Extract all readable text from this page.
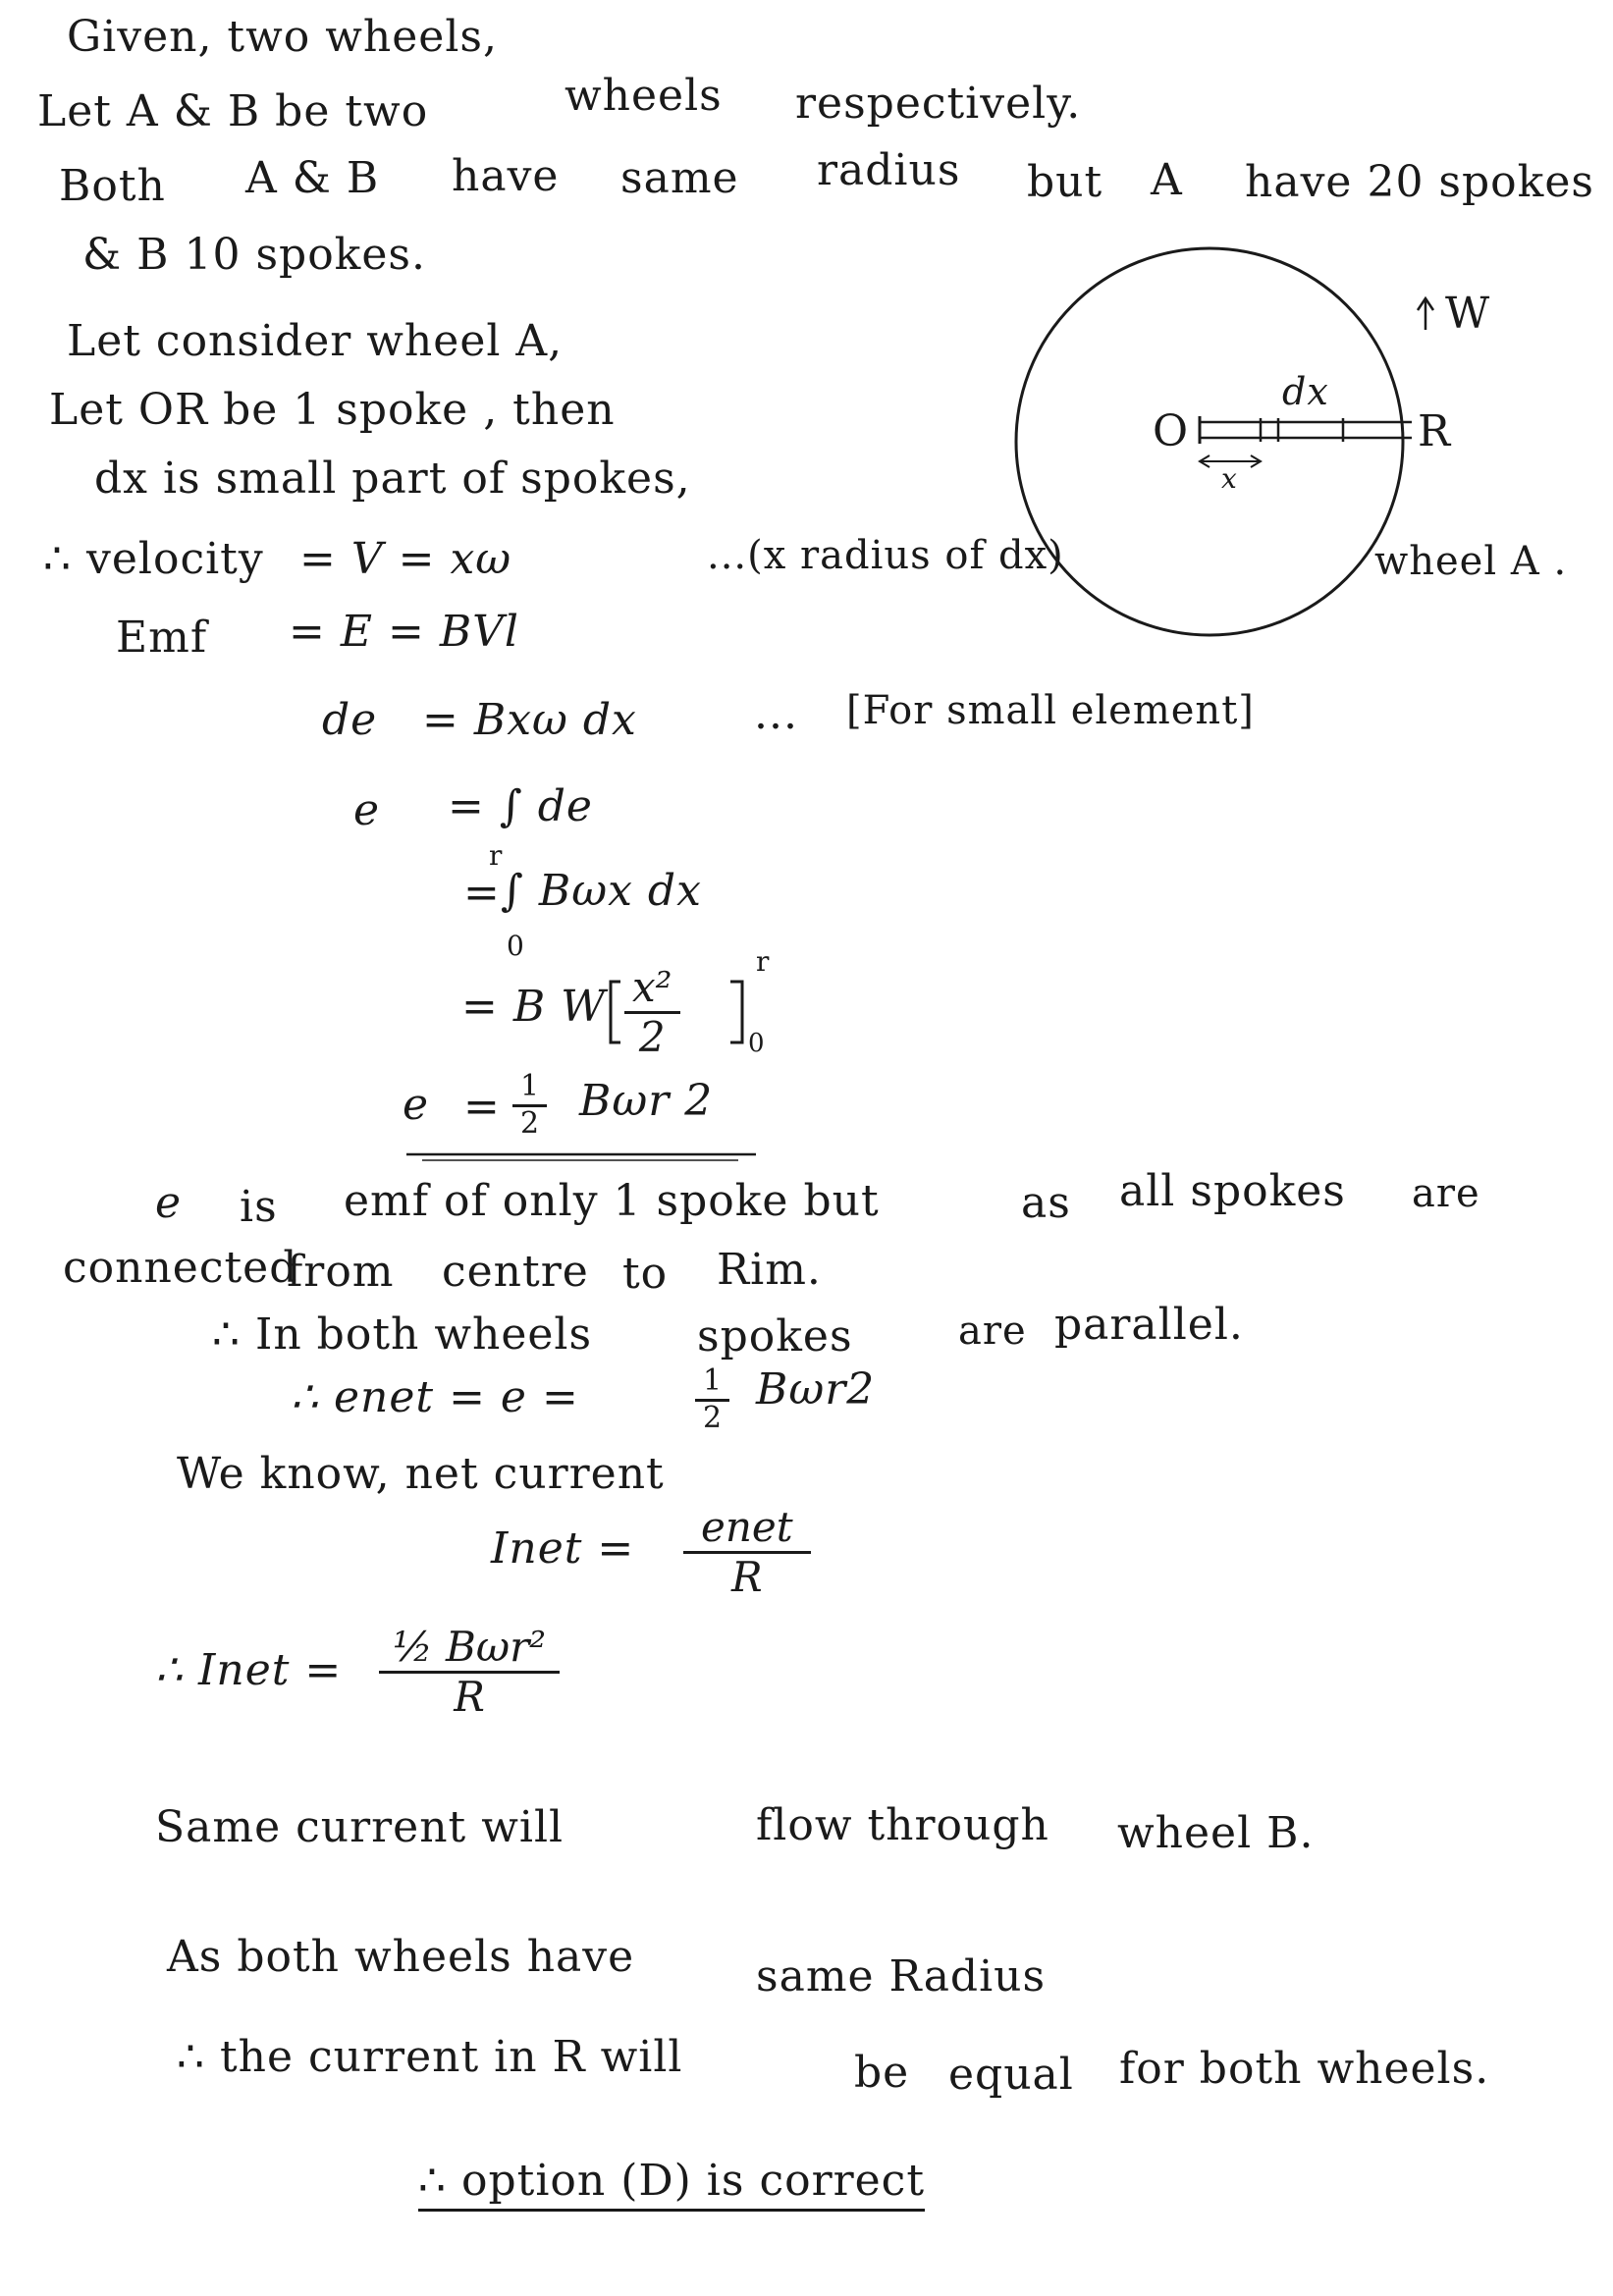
Given, two wheels,
Let A & B be two	wheels respectively.
Both A & B have same radius but A have 20 spokes
& B 10 spokes.
Let consider wheel A,
Let OR be 1 spoke , then
dx is small part of spokes,
∴ velocity = V = xω	...(x radius of dx)
Emf = E = BVl
de = Bxω dx	... [For small element]
e = ∫ de
=
r
∫ Bωx dx
0
= B W $\frac{\text{x²}}{2}$
r
0
$e = \frac{1}{2}$ Bωr 2
e is emf of only 1 spoke but	as all spokes are
connected
from centre to Rim.
∴ In both wheels spokes	are parallel.
∴ enet = e =	$\frac{1}{2} B\omega r2$
We know, net current
Inet =	enet
R
∴ Inet =	½ Bωr²
R
Same current will	flow through wheel B.
As both wheels have	same Radius
∴ the current in R will	be equal for both wheels.
∴ option (D) is correct
O	R
dx
x
W
wheel A .
